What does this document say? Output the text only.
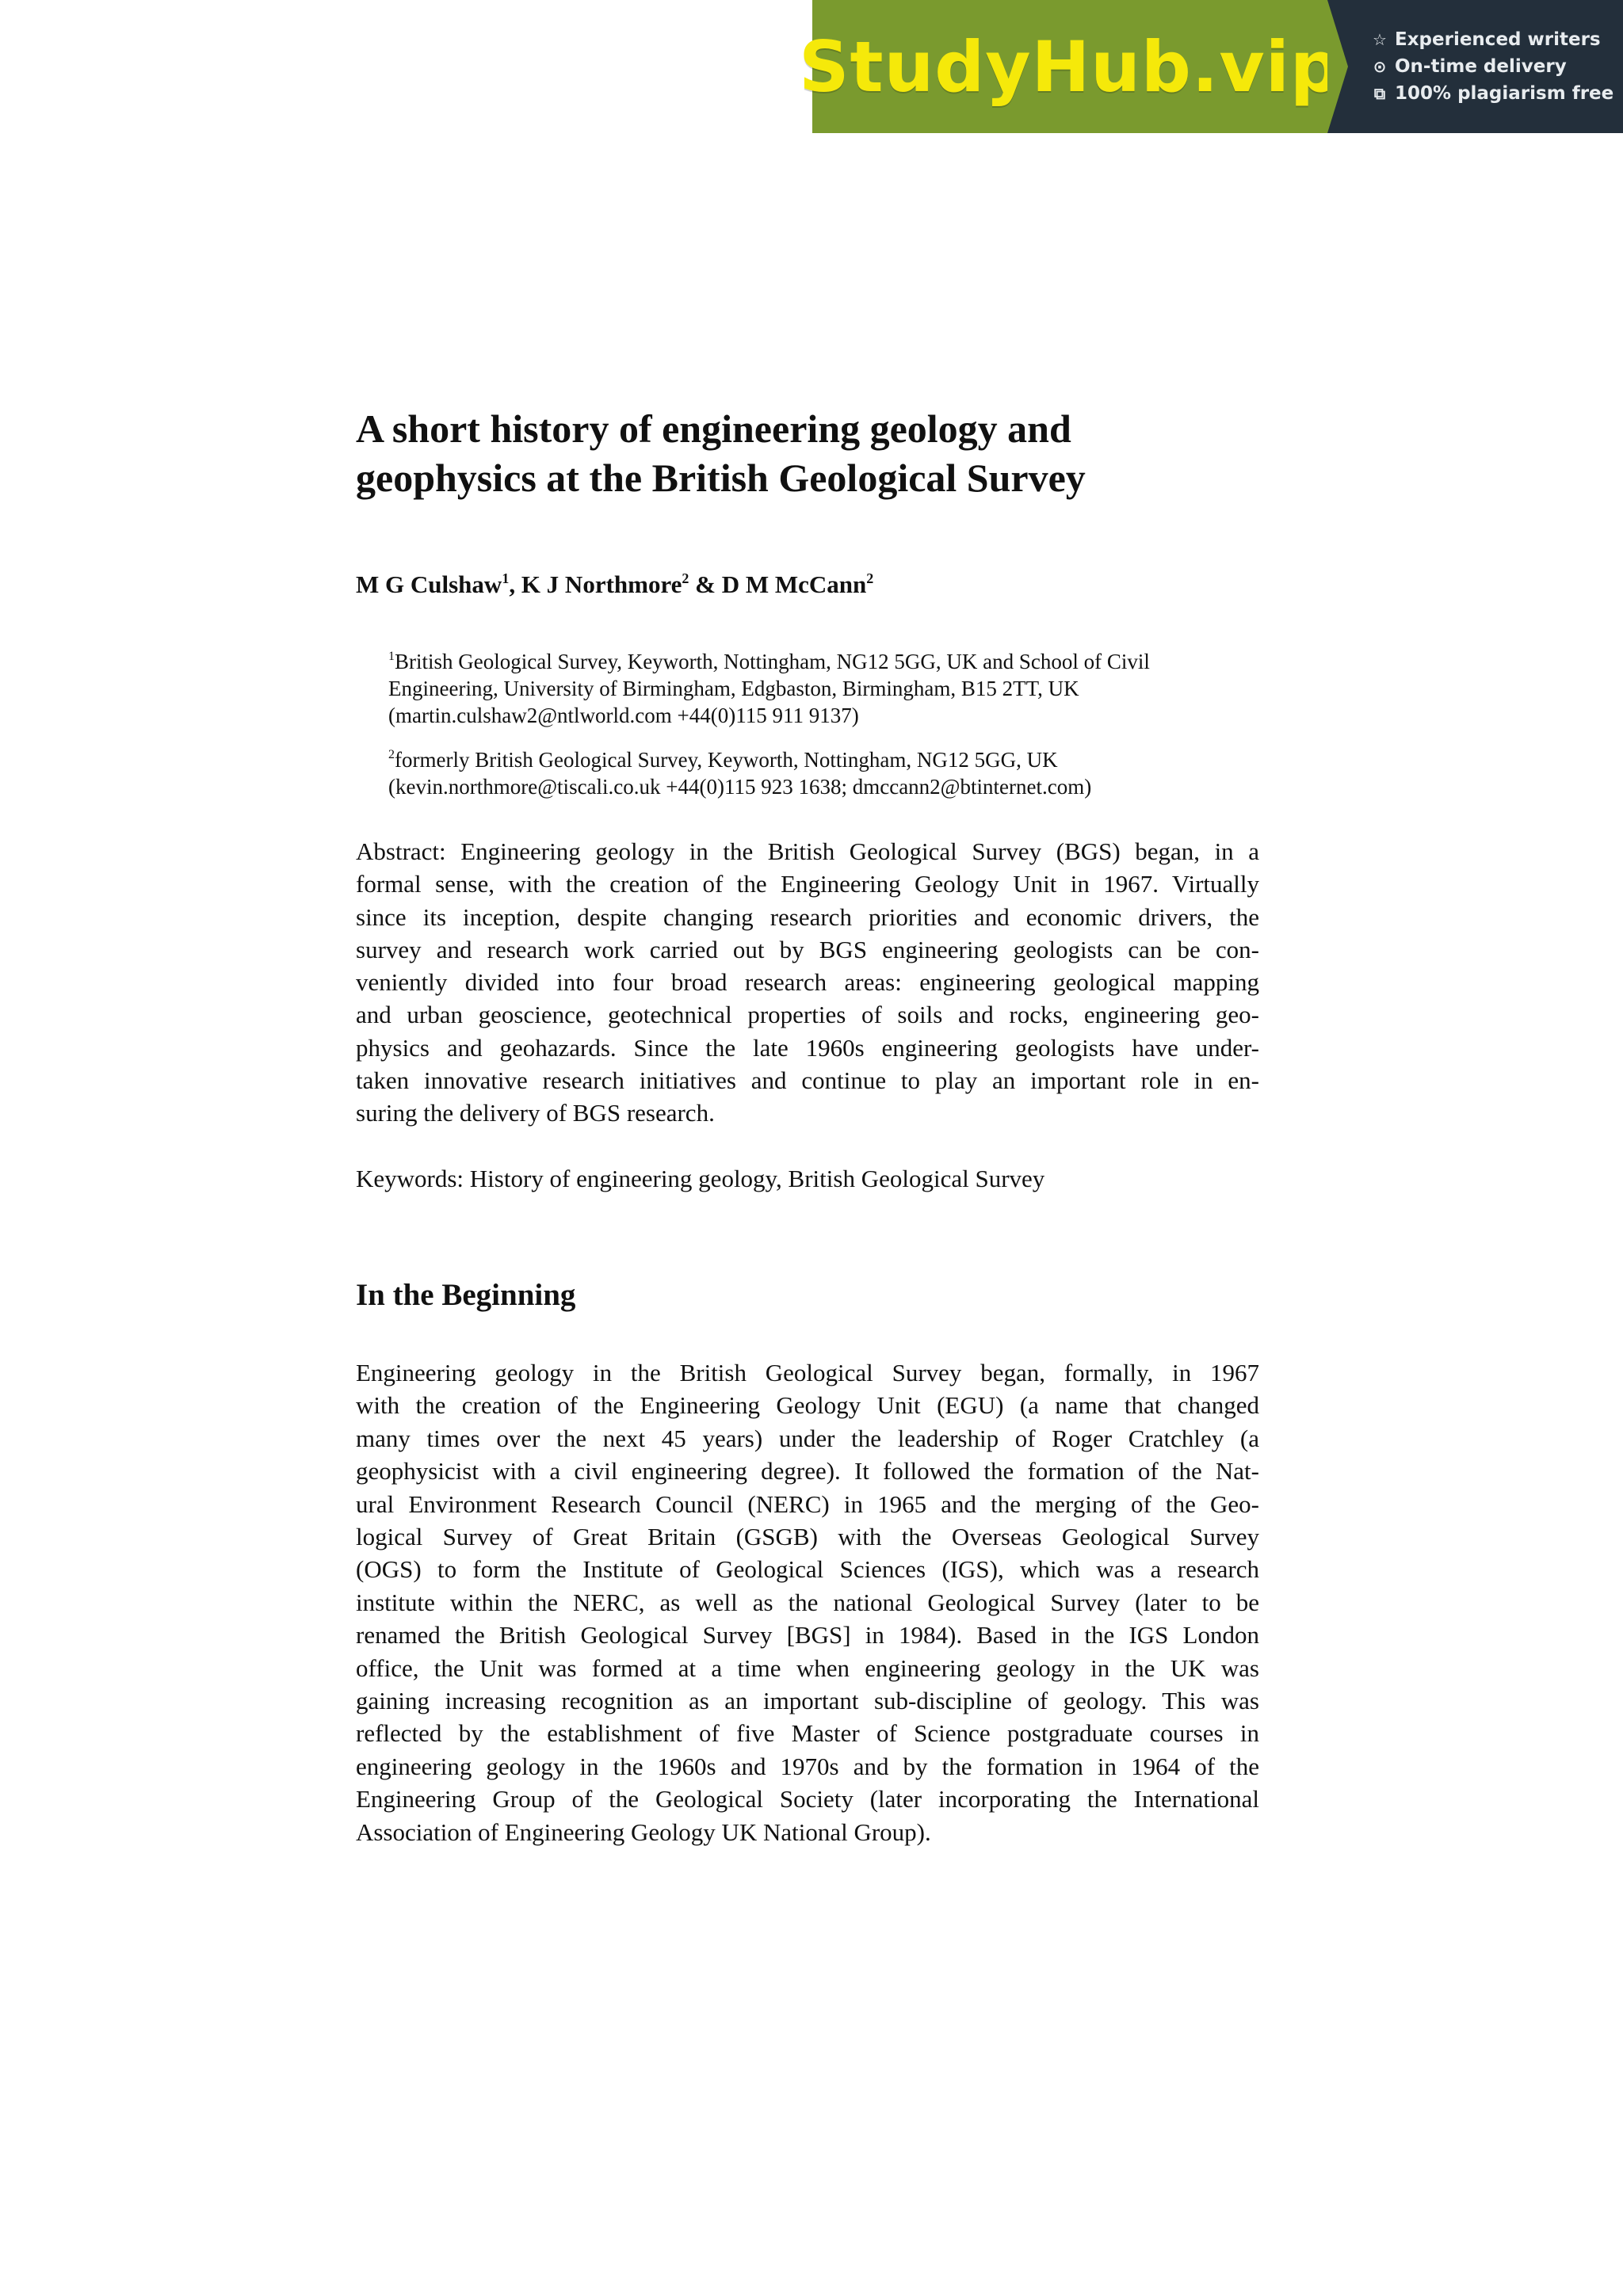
StudyHub.vip ☆ Experienced writers
⊙ On-time delivery
⧉ 100% plagiarism free
A short history of engineering geology and
geophysics at the British Geological Survey
M G Culshaw$^1$, K J Northmore$^2$ & D M McCann$^2$

$^1$British Geological Survey, Keyworth, Nottingham, NG12 5GG, UK and School of Civil

Engineering, University of Birmingham, Edgbaston, Birmingham, B15 2TT, UK

(martin.culshaw2@ntlworld.com +44(0)115 911 9137)

$^2$formerly British Geological Survey, Keyworth, Nottingham, NG12 5GG, UK

(kevin.northmore@tiscali.co.uk +44(0)115 923 1638; dmccann2@btinternet.com)

Abstract: Engineering geology in the British Geological Survey (BGS) began, in a
formal sense, with the creation of the Engineering Geology Unit in 1967. Virtually
since its inception, despite changing research priorities and economic drivers, the
survey and research work carried out by BGS engineering geologists can be con-
veniently divided into four broad research areas: engineering geological mapping
and urban geoscience, geotechnical properties of soils and rocks, engineering geo-
physics and geohazards. Since the late 1960s engineering geologists have under-
taken innovative research initiatives and continue to play an important role in en-
suring the delivery of BGS research.
Keywords: History of engineering geology, British Geological Survey
In the Beginning
Engineering geology in the British Geological Survey began, formally, in 1967
with the creation of the Engineering Geology Unit (EGU) (a name that changed
many times over the next 45 years) under the leadership of Roger Cratchley (a
geophysicist with a civil engineering degree). It followed the formation of the Nat-
ural Environment Research Council (NERC) in 1965 and the merging of the Geo-
logical Survey of Great Britain (GSGB) with the Overseas Geological Survey
(OGS) to form the Institute of Geological Sciences (IGS), which was a research
institute within the NERC, as well as the national Geological Survey (later to be
renamed the British Geological Survey [BGS] in 1984). Based in the IGS London
office, the Unit was formed at a time when engineering geology in the UK was
gaining increasing recognition as an important sub-discipline of geology. This was
reflected by the establishment of five Master of Science postgraduate courses in
engineering geology in the 1960s and 1970s and by the formation in 1964 of the
Engineering Group of the Geological Society (later incorporating the International
Association of Engineering Geology UK National Group).
